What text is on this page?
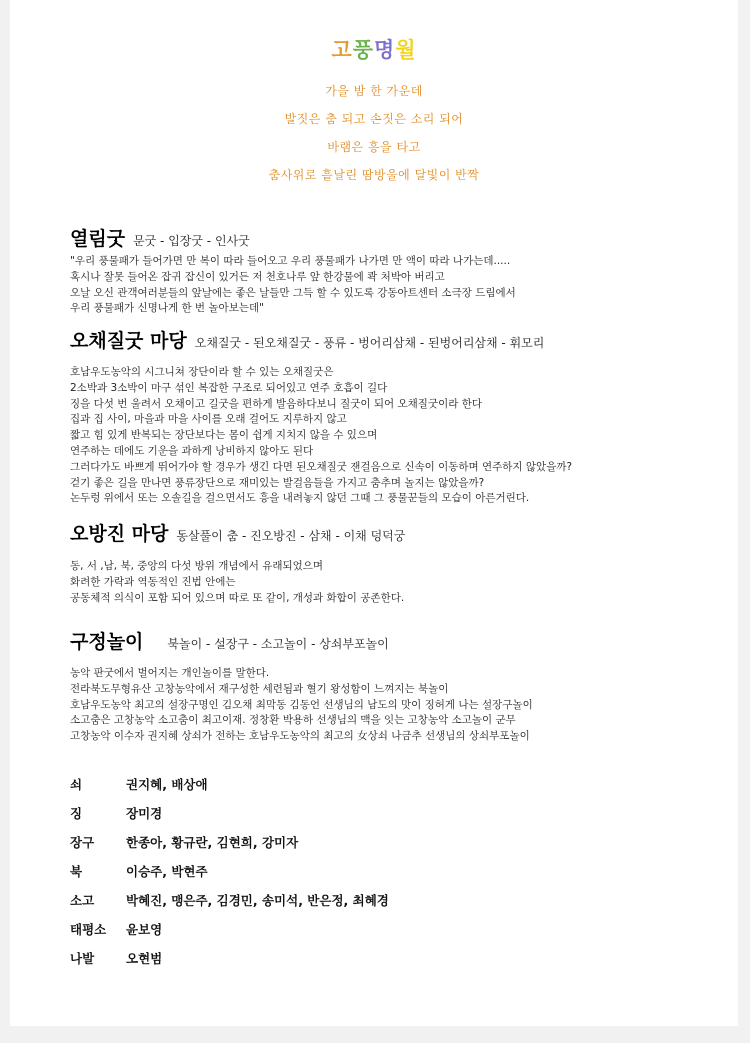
고풍명월
가을 밤 한 가운데
발짓은 춤 되고 손짓은 소리 되어
바램은 흥을 타고
춤사위로 흩날린 땀방울에 달빛이 반짝
열림굿 문굿 - 입장굿 - 인사굿
"우리 풍물패가 들어가면 만 복이 따라 들어오고 우리 풍물패가 나가면 만 액이 따라 나가는데.....
혹시나 잘못 들어온 잡귀 잡신이 있거든 저 천호나루 앞 한강물에 콱 처박아 버리고
오날 오신 관객여러분들의 앞날에는 좋은 날들만 그득 할 수 있도록 강동아트센터 소극장 드림에서
우리 풍물패가 신명나게 한 번 놀아보는데"
오채질굿 마당 오채질굿 - 된오채질굿 - 풍류 - 벙어리삼채 - 된벙어리삼채 - 휘모리
호남우도농악의 시그니쳐 장단이라 할 수 있는 오채질굿은
2소박과 3소박이 마구 섞인 복잡한 구조로 되어있고 연주 호흡이 길다
징을 다섯 번 울려서 오채이고 길굿을 편하게 발음하다보니 질굿이 되어 오채질굿이라 한다
집과 집 사이, 마을과 마을 사이를 오래 걸어도 지루하지 않고
짧고 힘 있게 반복되는 장단보다는 몸이 쉽게 지치지 않을 수 있으며
연주하는 데에도 기운을 과하게 낭비하지 않아도 된다
그러다가도 바쁘게 뛰어가야 할 경우가 생긴 다면 된오채질굿 잰걸음으로 신속이 이동하며 연주하지 않았을까?
걷기 좋은 길을 만나면 풍류장단으로 재미있는 발걸음들을 가지고 춤추며 놀지는 않았을까?
논두렁 위에서 또는 오솔길을 걸으면서도 흥을 내려놓지 않던 그때 그 풍물꾼들의 모습이 아른거린다.
오방진 마당 동살풀이 춤 - 진오방진 - 삼채 - 이채 덩덕궁
동, 서 ,남, 북, 중앙의 다섯 방위 개념에서 유래되었으며
화려한 가락과 역동적인 진법 안에는
공동체적 의식이 포함 되어 있으며 따로 또 같이, 개성과 화합이 공존한다.
구정놀이 북놀이 - 설장구 - 소고놀이 - 상쇠부포놀이
농악 판굿에서 벌어지는 개인놀이를 말한다.
전라북도무형유산 고창농악에서 재구성한 세련됨과 혈기 왕성함이 느껴지는 북놀이
호남우도농악 최고의 설장구명인 김오채 최막동 김동언 선생님의 남도의 맛이 징허게 나는 설장구놀이
소고춤은 고창농악 소고춤이 최고이재. 정창환 박용하 선생님의 맥을 잇는 고창농악 소고놀이 군무
고창농악 이수자 권지혜 상쇠가 전하는 호남우도농악의 최고의 女상쇠 나금추 선생님의 상쇠부포놀이
쇠	권지혜, 배상애
징	장미경
장구	한종아, 황규란, 김현희, 강미자
북	이승주, 박현주
소고	박혜진, 맹은주, 김경민, 송미석, 반은정, 최혜경
태평소 윤보영
나발	오현범
